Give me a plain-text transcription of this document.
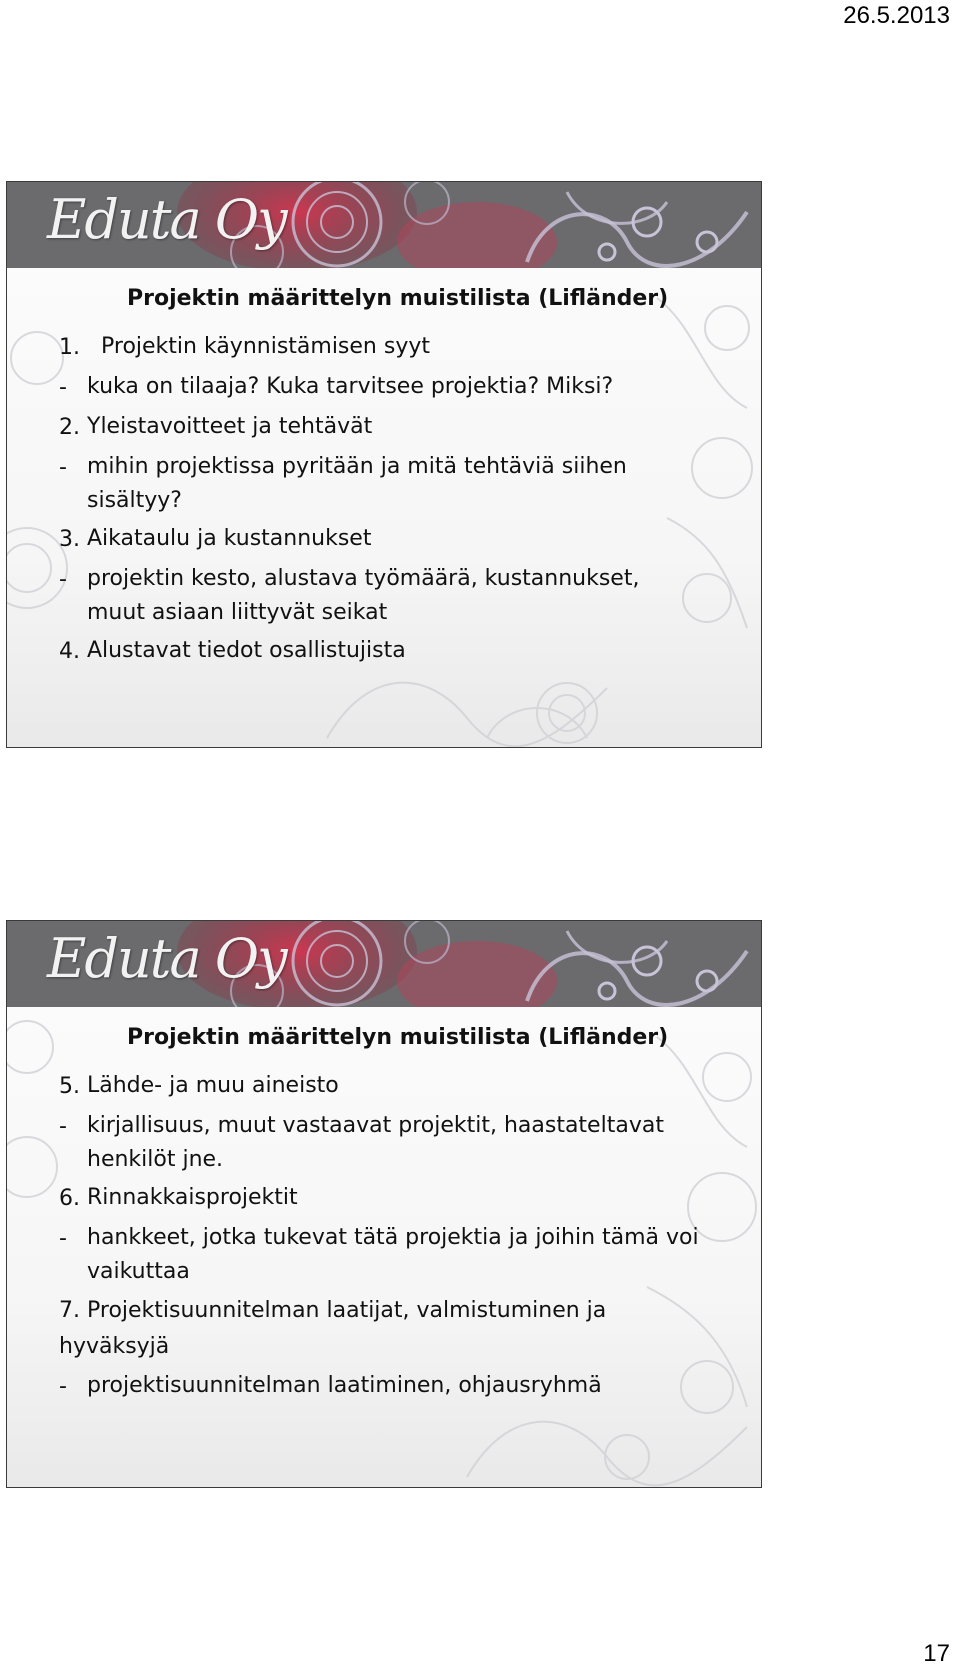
26.5.2013
Eduta Oy
Projektin määrittelyn muistilista (Lifländer)
1. Projektin käynnistämisen syyt
- kuka on tilaaja? Kuka tarvitsee projektia? Miksi?
2. Yleistavoitteet ja tehtävät
- mihin projektissa pyritään ja mitä tehtäviä siihen sisältyy?
3. Aikataulu ja kustannukset
- projektin kesto, alustava työmäärä, kustannukset, muut asiaan liittyvät seikat
4. Alustavat tiedot osallistujista
Eduta Oy
Projektin määrittelyn muistilista (Lifländer)
5. Lähde- ja muu aineisto
- kirjallisuus, muut vastaavat projektit, haastateltavat henkilöt jne.
6. Rinnakkaisprojektit
- hankkeet, jotka tukevat tätä projektia ja joihin tämä voi vaikuttaa
7. Projektisuunnitelman laatijat, valmistuminen ja hyväksyjä
- projektisuunnitelman laatiminen, ohjausryhmä
17
